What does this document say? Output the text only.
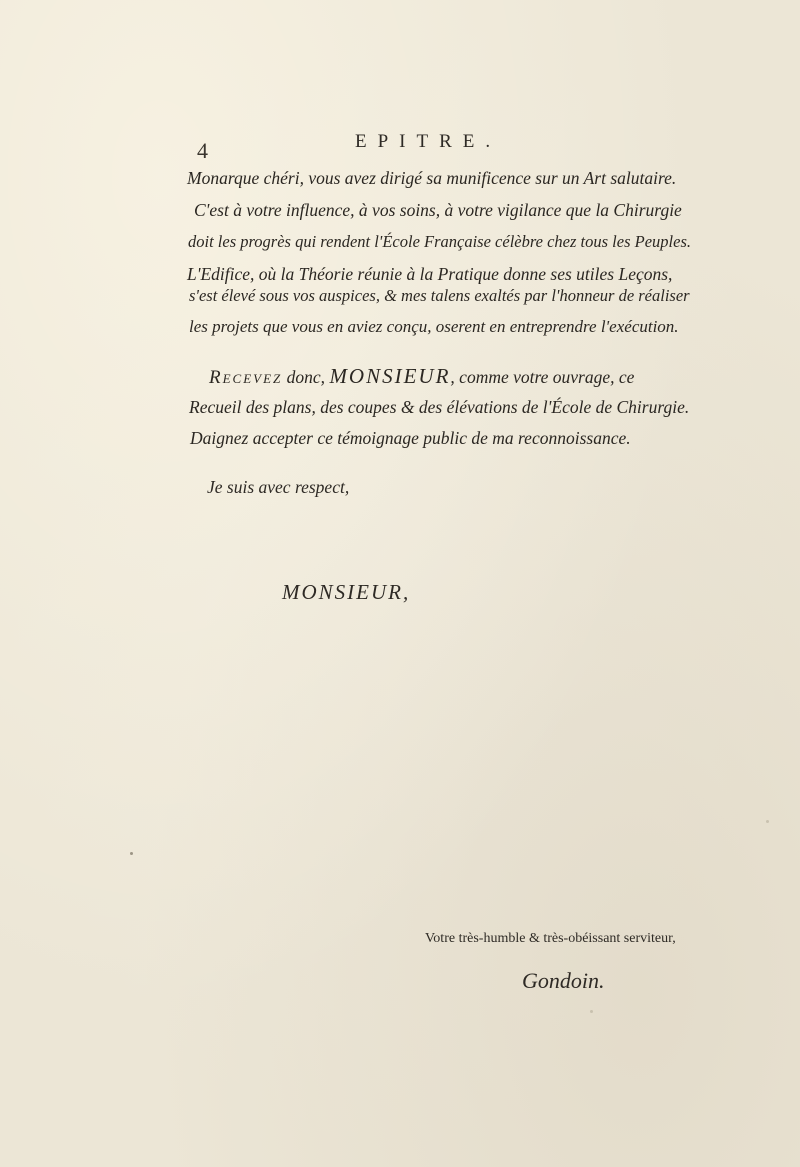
4	EPITRE.
Monarque chéri, vous avez dirigé sa munificence sur un Art salutaire.
C'est à votre influence, à vos soins, à votre vigilance que la Chirurgie
doit les progrès qui rendent l'École Française célèbre chez tous les Peuples.
L'Edifice, où la Théorie réunie à la Pratique donne ses utiles Leçons,
s'est élevé sous vos auspices, & mes talens exaltés par l'honneur de réaliser
les projets que vous en aviez conçu, oserent en entreprendre l'exécution.
Recevez donc, MONSIEUR, comme votre ouvrage, ce
Recueil des plans, des coupes & des élévations de l'École de Chirurgie.
Daignez accepter ce témoignage public de ma reconnoissance.
Je suis avec respect,
MONSIEUR,
Votre très-humble & très-obéissant serviteur,
Gondoin.
